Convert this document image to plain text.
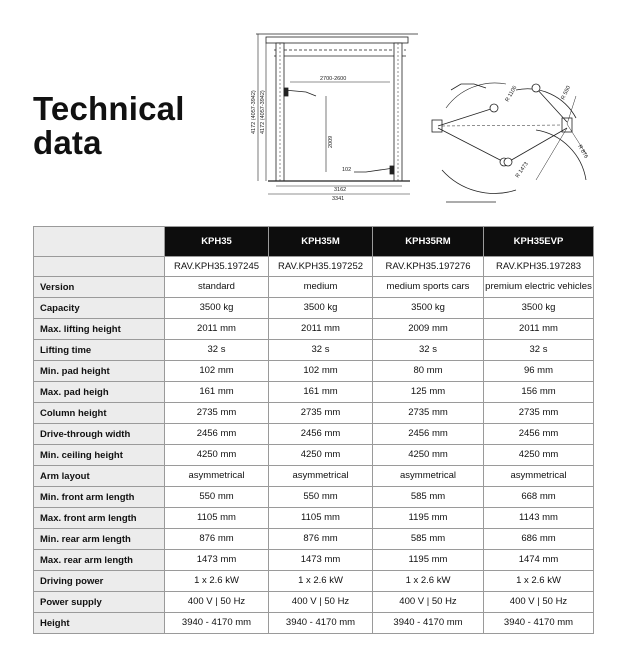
Technical
data
2700-2600
2009
102
3162
3341
4172 (4057-3942) 4172 (4057-3942)	R 1106	R 550
R 876
R 1473
	KPH35	KPH35M	KPH35RM	KPH35EVP
	RAV.KPH35.197245	RAV.KPH35.197252	RAV.KPH35.197276	RAV.KPH35.197283
Version	standard	medium	medium sports cars	premium electric vehicles
Capacity	3500 kg	3500 kg	3500 kg	3500 kg
Max. lifting height	2011 mm	2011 mm	2009 mm	2011 mm
Lifting time	32 s	32 s	32 s	32 s
Min. pad height	102 mm	102 mm	80 mm	96 mm
Max. pad heigh	161 mm	161 mm	125 mm	156 mm
Column height	2735 mm	2735 mm	2735 mm	2735 mm
Drive-through width	2456 mm	2456 mm	2456 mm	2456 mm
Min. ceiling height	4250 mm	4250 mm	4250 mm	4250 mm
Arm layout	asymmetrical	asymmetrical	asymmetrical	asymmetrical
Min. front arm length	550 mm	550 mm	585 mm	668 mm
Max. front arm length	1105 mm	1105 mm	1195 mm	1143 mm
Min. rear arm length	876 mm	876 mm	585 mm	686 mm
Max. rear arm length	1473 mm	1473 mm	1195 mm	1474 mm
Driving power	1 x 2.6 kW	1 x 2.6 kW	1 x 2.6 kW	1 x 2.6 kW
Power supply	400 V | 50 Hz	400 V | 50 Hz	400 V | 50 Hz	400 V | 50 Hz
Height	3940 - 4170 mm	3940 - 4170 mm	3940 - 4170 mm	3940 - 4170 mm
